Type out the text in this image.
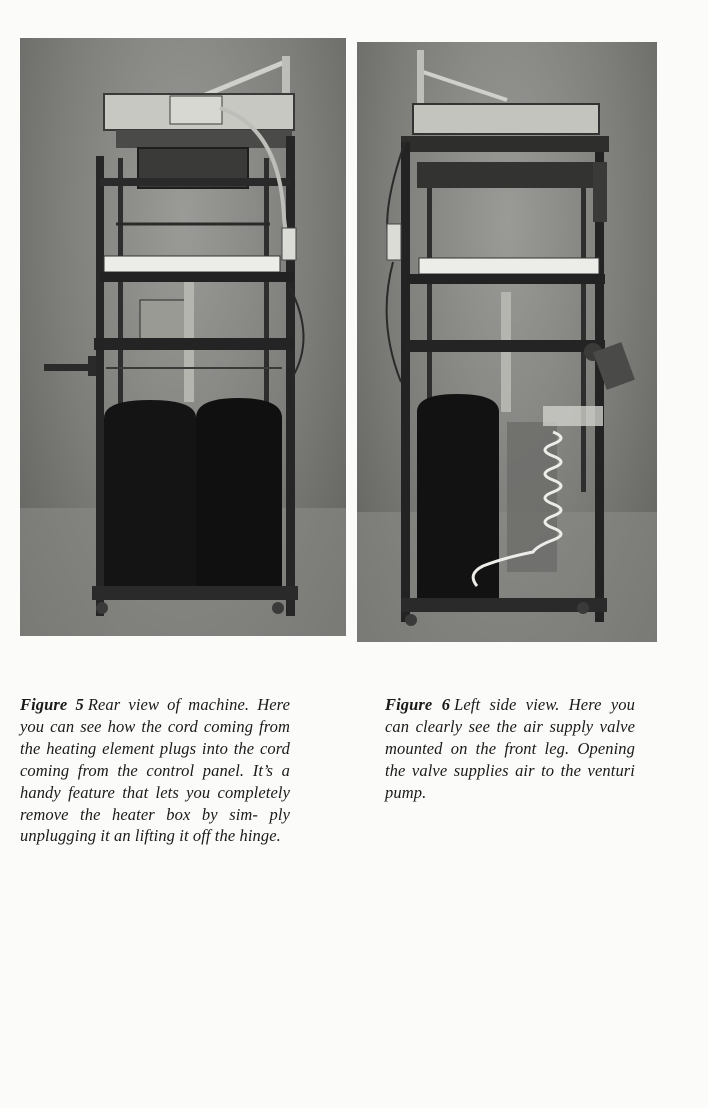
Figure 5 Rear view of machine. Here you can see how the cord coming from the heating element plugs into the cord coming from the control panel. It’s a handy feature that lets you completely remove the heater box by sim- ply unplugging it an lifting it off the hinge.
Figure 6 Left side view. Here you can clearly see the air supply valve mounted on the front leg. Opening the valve supplies air to the venturi pump.
